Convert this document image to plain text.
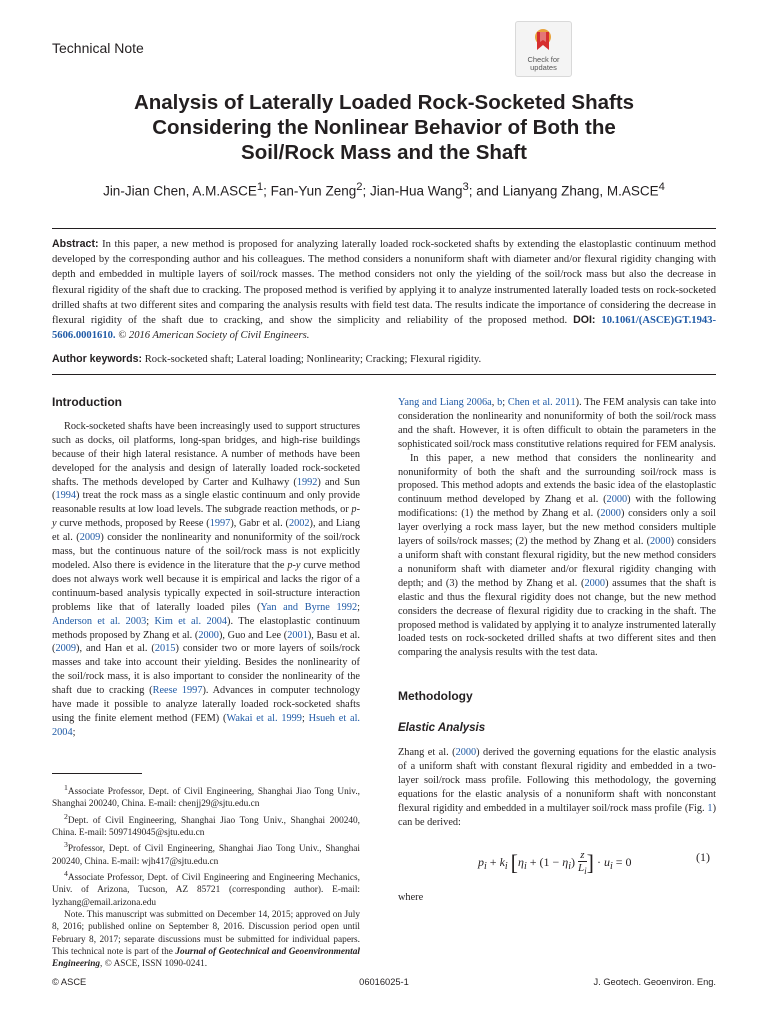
Technical Note
Check for
updates
Analysis of Laterally Loaded Rock-Socketed Shafts
Considering the Nonlinear Behavior of Both the
Soil/Rock Mass and the Shaft
Jin-Jian Chen, A.M.ASCE$^1$; Fan-Yun Zeng$^2$; Jian-Hua Wang$^3$; and Lianyang Zhang, M.ASCE$^4$
Abstract: In this paper, a new method is proposed for analyzing laterally loaded rock-socketed shafts by extending the elastoplastic continuum method developed by the corresponding author and his colleagues. The method considers a nonuniform shaft with diameter and/or flexural rigidity changing with depth and embedded in multiple layers of soil/rock masses. The method considers not only the yielding of the soil/rock mass but also the decrease in flexural rigidity of the shaft due to cracking. The proposed method is verified by applying it to analyze instrumented laterally loaded tests on rock-socketed drilled shafts at two different sites and comparing the analysis results with field test data. The results indicate the importance of considering the decrease in flexural rigidity of the shaft due to cracking, and show the simplicity and reliability of the proposed method. DOI: 10.1061/(ASCE)GT.1943-5606.0001610. © 2016 American Society of Civil Engineers.
Author keywords: Rock-socketed shaft; Lateral loading; Nonlinearity; Cracking; Flexural rigidity.
Introduction

Rock-socketed shafts have been increasingly used to support structures such as docks, oil platforms, long-span bridges, and high-rise buildings because of their high lateral resistance. A number of methods have been developed for the analysis and design of laterally loaded rock-socketed shafts. The methods developed by Carter and Kulhawy (1992) and Sun (1994) treat the rock mass as a single elastic continuum and only provide reasonable results at low load levels. The subgrade reaction methods, or p-y curve methods, proposed by Reese (1997), Gabr et al. (2002), and Liang et al. (2009) consider the nonlinearity and nonuniformity of the soil/rock mass, but the continuous nature of the soil/rock mass is not explicitly modeled. Also there is evidence in the literature that the p-y curve method does not always work well because it is empirical and lacks the rigor of a continuum-based analysis typically expected in soil-structure interaction problems like that of laterally loaded piles (Yan and Byrne 1992; Anderson et al. 2003; Kim et al. 2004). The elastoplastic continuum methods proposed by Zhang et al. (2000), Guo and Lee (2001), Basu et al. (2009), and Han et al. (2015) consider two or more layers of soils/rock masses and take into account their yielding. Besides the nonlinearity of the soil/rock mass, it is also important to consider the nonlinearity of the shaft due to cracking (Reese 1997). Advances in computer technology have made it possible to analyze laterally loaded rock-socketed shafts using the finite element method (FEM) (Wakai et al. 1999; Hsueh et al. 2004;

$^1$Associate Professor, Dept. of Civil Engineering, Shanghai Jiao Tong Univ., Shanghai 200240, China. E-mail: chenjj29@sjtu.edu.cn

$^2$Dept. of Civil Engineering, Shanghai Jiao Tong Univ., Shanghai 200240, China. E-mail: 5097149045@sjtu.edu.cn

$^3$Professor, Dept. of Civil Engineering, Shanghai Jiao Tong Univ., Shanghai 200240, China. E-mail: wjh417@sjtu.edu.cn

$^4$Associate Professor, Dept. of Civil Engineering and Engineering Mechanics, Univ. of Arizona, Tucson, AZ 85721 (corresponding author). E-mail: lyzhang@email.arizona.edu

Note. This manuscript was submitted on December 14, 2015; approved on July 8, 2016; published online on September 8, 2016. Discussion period open until February 8, 2017; separate discussions must be submitted for individual papers. This technical note is part of the Journal of Geotechnical and Geoenvironmental Engineering, © ASCE, ISSN 1090-0241.

Yang and Liang 2006a, b; Chen et al. 2011). The FEM analysis can take into consideration the nonlinearity and nonuniformity of both the soil/rock mass and the shaft. However, it is often difficult to obtain the parameters in the sophisticated soil/rock mass constitutive relations required for FEM analysis.

In this paper, a new method that considers the nonlinearity and nonuniformity of both the shaft and the surrounding soil/rock mass is proposed. This method adopts and extends the basic idea of the elastoplastic continuum method developed by Zhang et al. (2000) with the following modifications: (1) the method by Zhang et al. (2000) considers only a soil layer overlying a rock mass layer, but the new method considers multiple layers of soils/rock masses; (2) the method by Zhang et al. (2000) considers a uniform shaft with constant flexural rigidity, but the new method considers a nonuniform shaft with diameter and/or flexural rigidity changing with depth; and (3) the method by Zhang et al. (2000) assumes that the shaft is elastic and thus the flexural rigidity does not change, but the new method considers the decrease of flexural rigidity due to cracking in the shaft. The proposed method is validated by applying it to analyze instrumented laterally loaded tests on rock-socketed drilled shafts at two different sites and then comparing the analysis results with the test data.

Methodology
Elastic Analysis

Zhang et al. (2000) derived the governing equations for the elastic analysis of a uniform shaft with constant flexural rigidity and embedded in a two-layer soil/rock mass profile. Following this methodology, the governing equations for the elastic analysis of a nonuniform shaft with nonconstant flexural rigidity and embedded in a multilayer soil/rock mass profile (Fig. 1) can be derived:

$p_i + k_i$ [$\eta_i + (1 - \eta_i) \frac{z}{L_i}$ ] · $u_i = 0$	(1)
where
© ASCE	06016025-1	J. Geotech. Geoenviron. Eng.
